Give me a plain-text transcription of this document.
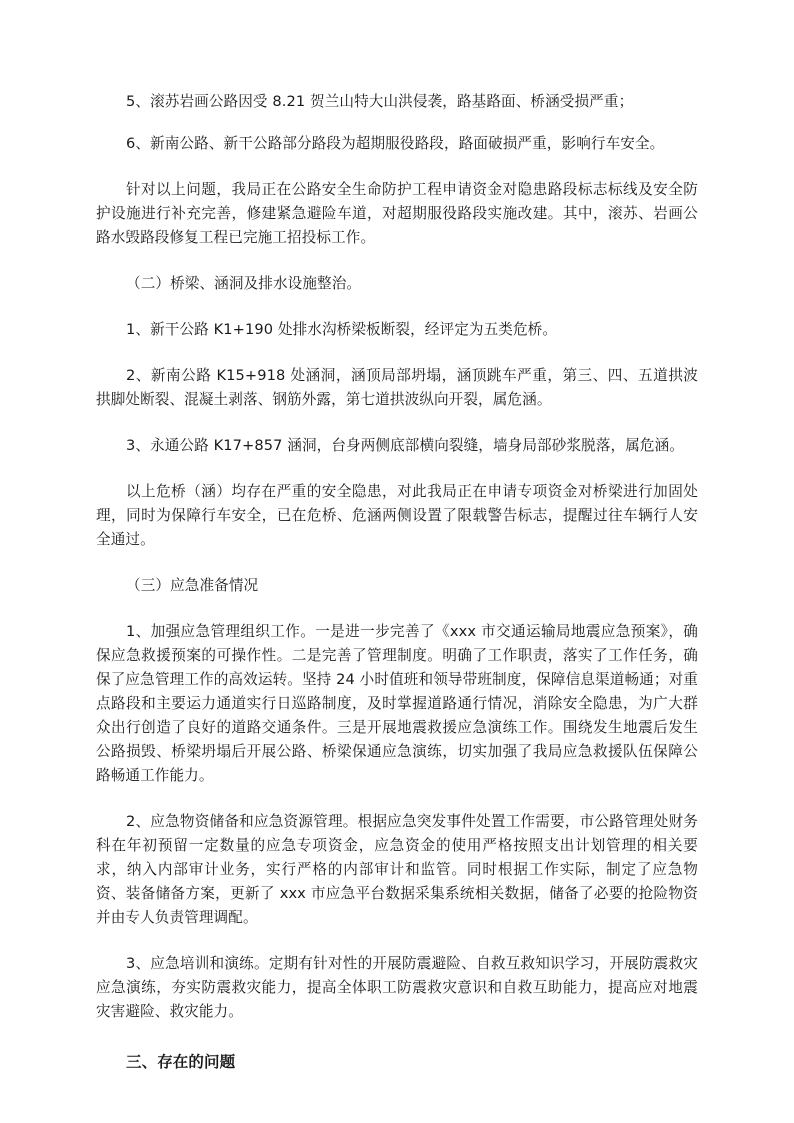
5、滚苏岩画公路因受 8.21 贺兰山特大山洪侵袭，路基路面、桥涵受损严重；

6、新南公路、新干公路部分路段为超期服役路段，路面破损严重，影响行车安全。

针对以上问题，我局正在公路安全生命防护工程申请资金对隐患路段标志标线及安全防护设施进行补充完善，修建紧急避险车道，对超期服役路段实施改建。其中，滚苏、岩画公路水毁路段修复工程已完施工招投标工作。

（二）桥梁、涵洞及排水设施整治。

1、新干公路 K1+190 处排水沟桥梁板断裂，经评定为五类危桥。

2、新南公路 K15+918 处涵洞，涵顶局部坍塌，涵顶跳车严重，第三、四、五道拱波拱脚处断裂、混凝土剥落、钢筋外露，第七道拱波纵向开裂，属危涵。

3、永通公路 K17+857 涵洞，台身两侧底部横向裂缝，墙身局部砂浆脱落，属危涵。

以上危桥（涵）均存在严重的安全隐患，对此我局正在申请专项资金对桥梁进行加固处理，同时为保障行车安全，已在危桥、危涵两侧设置了限载警告标志，提醒过往车辆行人安全通过。

（三）应急准备情况

1、加强应急管理组织工作。一是进一步完善了《xxx 市交通运输局地震应急预案》，确保应急救援预案的可操作性。二是完善了管理制度。明确了工作职责，落实了工作任务，确保了应急管理工作的高效运转。坚持 24 小时值班和领导带班制度，保障信息渠道畅通；对重点路段和主要运力通道实行日巡路制度，及时掌握道路通行情况，消除安全隐患，为广大群众出行创造了良好的道路交通条件。三是开展地震救援应急演练工作。围绕发生地震后发生公路损毁、桥梁坍塌后开展公路、桥梁保通应急演练，切实加强了我局应急救援队伍保障公路畅通工作能力。

2、应急物资储备和应急资源管理。根据应急突发事件处置工作需要，市公路管理处财务科在年初预留一定数量的应急专项资金，应急资金的使用严格按照支出计划管理的相关要求，纳入内部审计业务，实行严格的内部审计和监管。同时根据工作实际，制定了应急物资、装备储备方案，更新了 xxx 市应急平台数据采集系统相关数据，储备了必要的抢险物资并由专人负责管理调配。

3、应急培训和演练。定期有针对性的开展防震避险、自救互救知识学习，开展防震救灾应急演练，夯实防震救灾能力，提高全体职工防震救灾意识和自救互助能力，提高应对地震灾害避险、救灾能力。

三、存在的问题
